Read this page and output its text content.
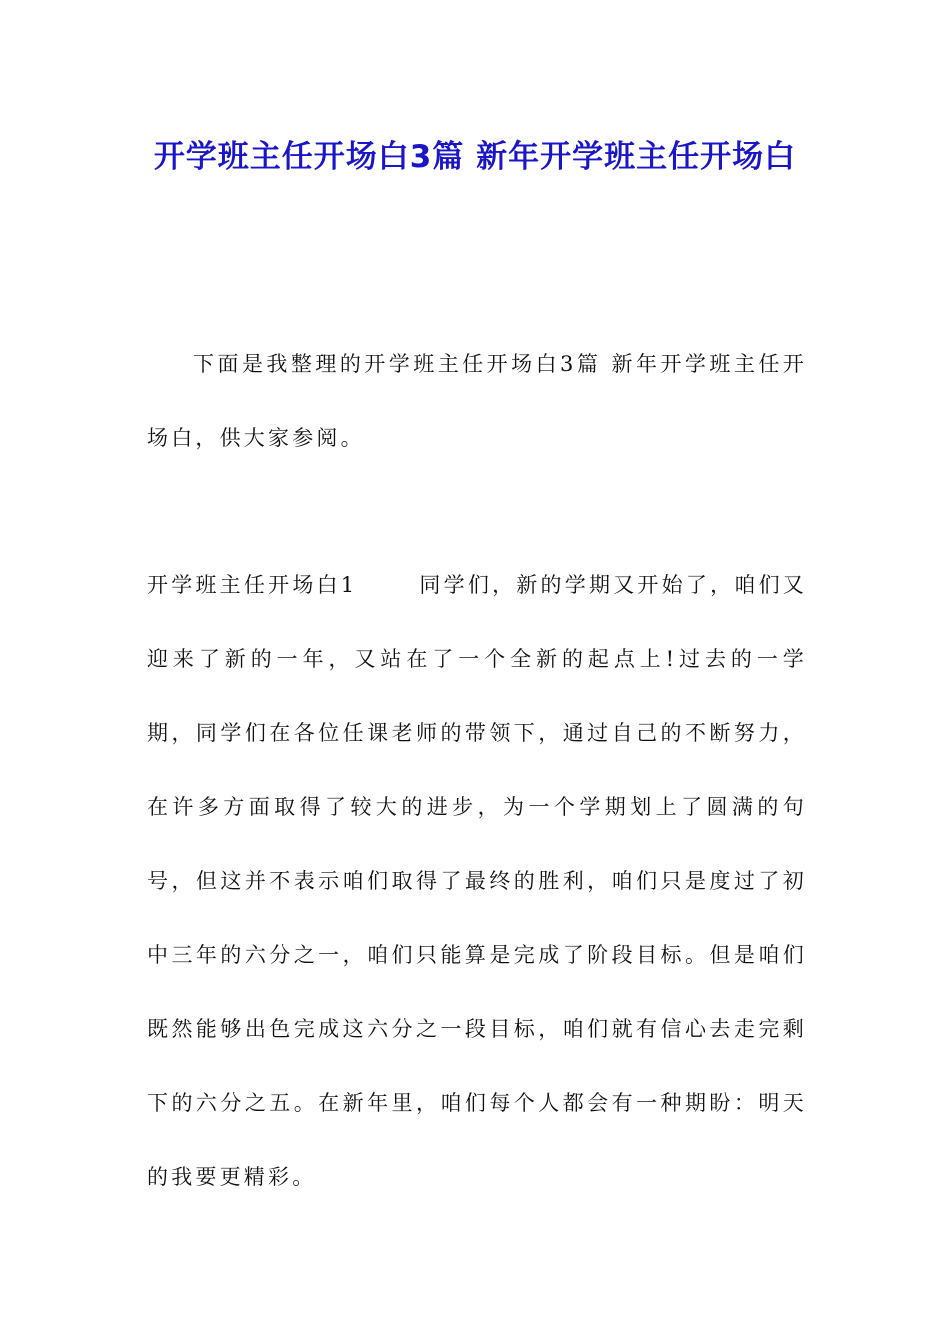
开学班主任开场白3篇 新年开学班主任开场白

下面是我整理的开学班主任开场白3篇 新年开学班主任开场白，供大家参阅。

开学班主任开场白1	同学们，新的学期又开始了，咱们又迎来了新的一年，又站在了一个全新的起点上!过去的一学期，同学们在各位任课老师的带领下，通过自己的不断努力，在许多方面取得了较大的进步，为一个学期划上了圆满的句号，但这并不表示咱们取得了最终的胜利，咱们只是度过了初中三年的六分之一，咱们只能算是完成了阶段目标。但是咱们既然能够出色完成这六分之一段目标，咱们就有信心去走完剩下的六分之五。在新年里，咱们每个人都会有一种期盼：明天的我要更精彩。
